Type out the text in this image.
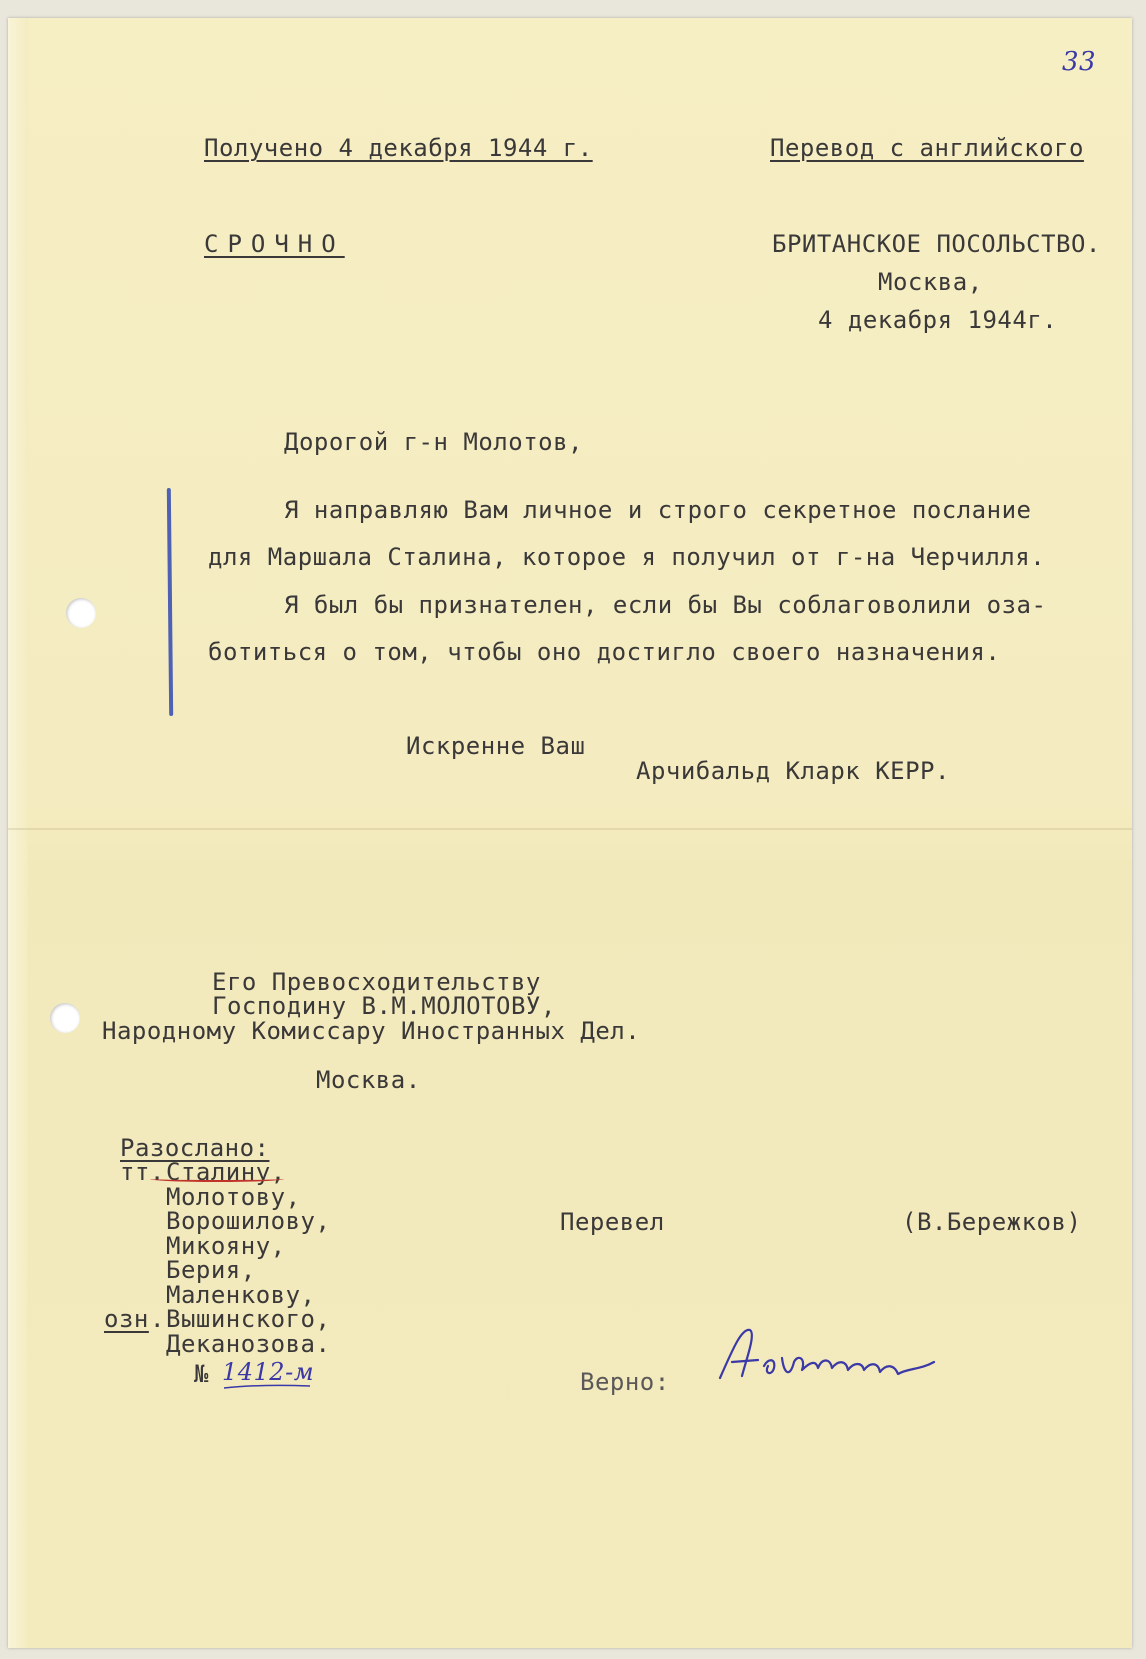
33
Получено 4 декабря 1944 г.	Перевод с английского
СРОЧНО	БРИТАНСКОЕ ПОСОЛЬСТВО.
Москва,
4 декабря 1944г.
Дорогой г-н Молотов,
Я направляю Вам личное и строго секретное послание
для Маршала Сталина, которое я получил от г-на Черчилля.
Я был бы признателен, если бы Вы соблаговолили оза-
ботиться о том, чтобы оно достигло своего назначения.
Искренне Ваш
Арчибальд Кларк КЕРР.
Его Превосходительству
Господину В.М.МОЛОТОВУ,
Народному Комиссару Иностранных Дел.
Москва.
Разослано:
тт. Сталину,
Молотову,
Ворошилову,
Микояну,
Берия,
Маленкову,
озн . Вышинского,
Деканозова.
№ 1412-м
Перевел	(В.Бережков)
Верно:
